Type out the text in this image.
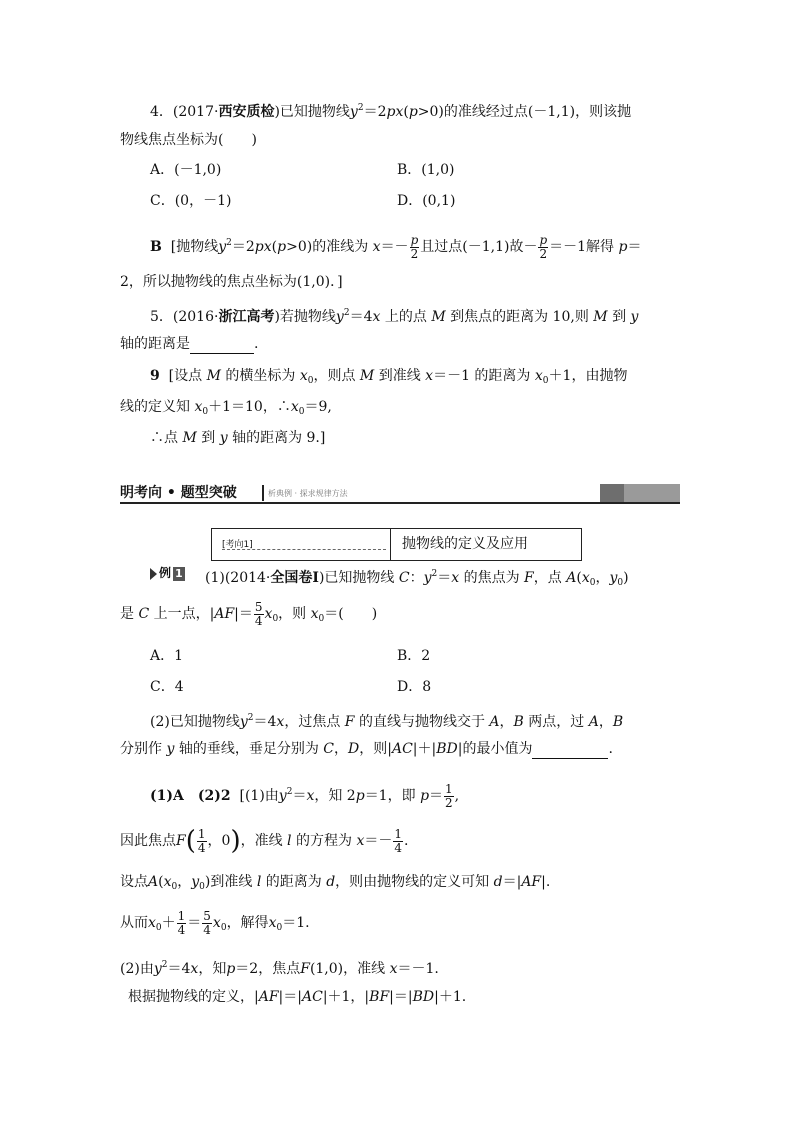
4．(2017·西安质检)已知抛物线$y^2=2px(p>0)$的准线经过点(－1,1)，则该抛
物线焦点坐标为(　　)
A．(－1,0)	B．(1,0)
C．(0，－1)	D．(0,1)
B [抛物线$y^2=2px(p>0)$的准线为 $x=- \frac{p}{2}$ 且过点(－1,1)故－ $\frac{p}{2} =-1$解得 p＝
2，所以抛物线的焦点坐标为(1,0)．]
5．(2016·浙江高考)若抛物线$y^2=4x$ 上的点 M 到焦点的距离为 10,则 M 到 y
轴的距离是	.
9 [设点 M 的横坐标为 $x_0$，则点 M 到准线 x＝－1 的距离为 $x_0+1$，由抛物
线的定义知 $x_0+1=10$，$\therefore x_0=9$,
∴点 M 到 y 轴的距离为 9.]
明考向 • 题型突破	析典例 · 探求规律方法
[考向1]	抛物线的定义及应用
例 1 (1)(2014·全国卷Ⅰ)已知抛物线 C：$y^2=x$ 的焦点为 F，点 $A(x_0$，$y_0$)
是 C 上一点，$|AF|= \frac{5}{4} x_0$，则 $x_0=$(　　)
A．1	B．2
C．4	D．8
(2)已知抛物线$y^2=4x$，过焦点 F 的直线与抛物线交于 A，B 两点，过 A，B
分别作 y 轴的垂线，垂足分别为 C，D，则|AC|＋|BD|的最小值为	.
(1)A　(2)2 [(1)由$y^2=x$，知 2p＝1，即 $p= \frac{1}{2}$ ,
因此焦点$F( \frac{1}{4}$ ，0)，准线 l 的方程为 $x=- \frac{1}{4}$ .
设点$A(x_0$，$y_0$)到准线 l 的距离为 d，则由抛物线的定义可知 d＝|AF|.
从而$x_0+ \frac{1}{4} = \frac{5}{4} x_0$，解得$x_0=1$.
(2)由$y^2=4x$，知p＝2，焦点F(1,0)，准线 x＝－1.
根据抛物线的定义，|AF|＝|AC|＋1，|BF|＝|BD|＋1.
